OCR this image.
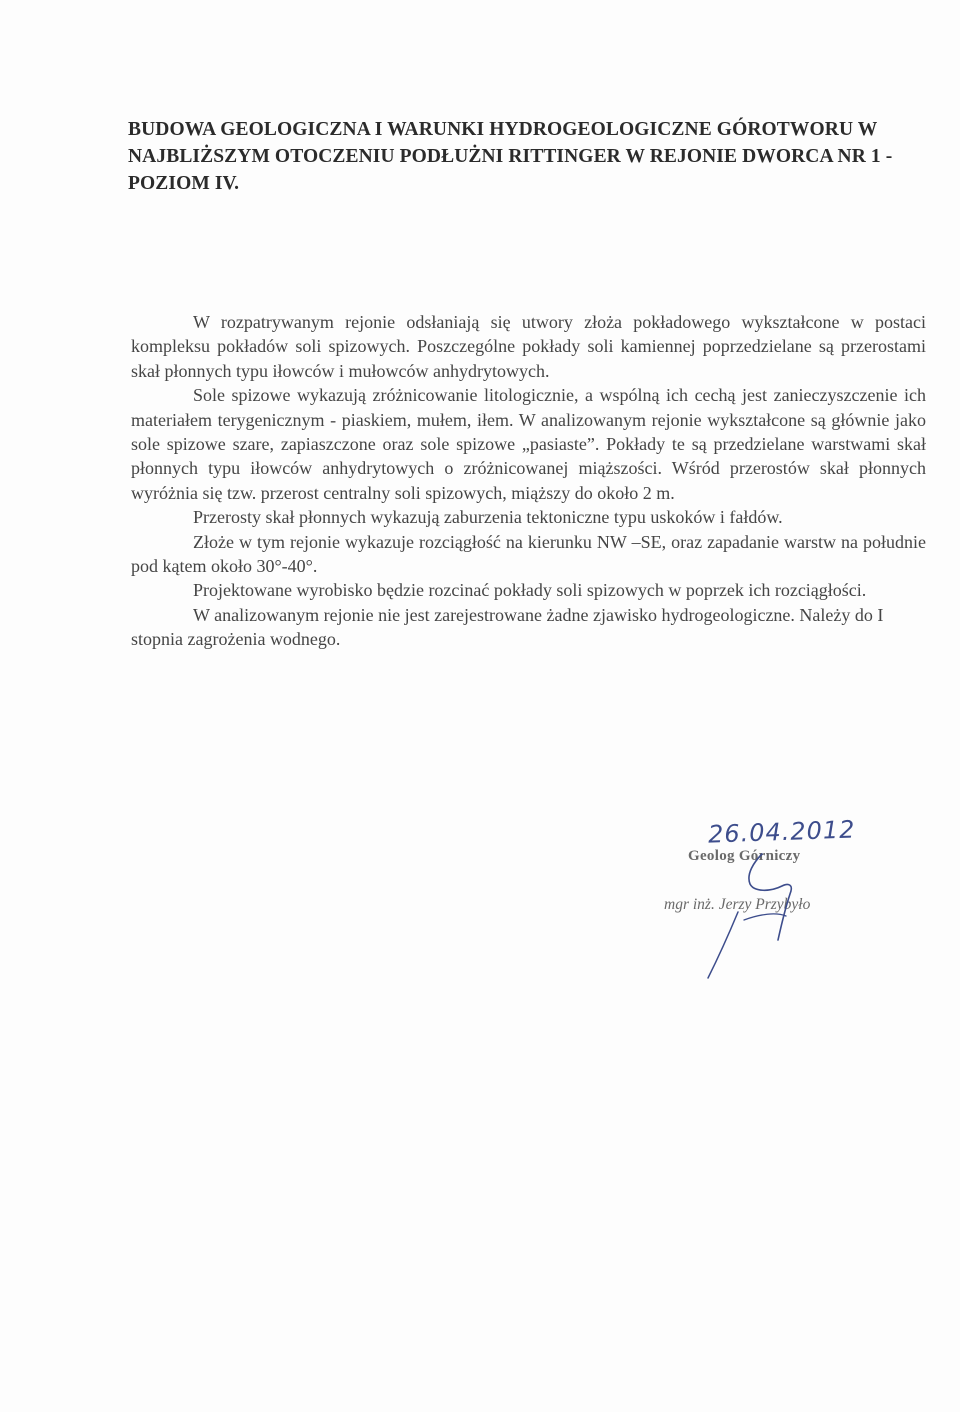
BUDOWA GEOLOGICZNA I WARUNKI HYDROGEOLOGICZNE GÓROTWORU W NAJBLIŻSZYM OTOCZENIU PODŁUŻNI RITTINGER W REJONIE DWORCA NR 1 - POZIOM IV.

W rozpatrywanym rejonie odsłaniają się utwory złoża pokładowego wykształcone w postaci kompleksu pokładów soli spizowych. Poszczególne pokłady soli kamiennej poprzedzielane są przerostami skał płonnych typu iłowców i mułowców anhydrytowych.

Sole spizowe wykazują zróżnicowanie litologicznie, a wspólną ich cechą jest zanieczyszczenie ich materiałem terygenicznym - piaskiem, mułem, iłem. W analizowanym rejonie wykształcone są głównie jako sole spizowe szare, zapiaszczone oraz sole spizowe „pasiaste”. Pokłady te są przedzielane warstwami skał płonnych typu iłowców anhydrytowych o zróżnicowanej miąższości. Wśród przerostów skał płonnych wyróżnia się tzw. przerost centralny soli spizowych, miąższy do około 2 m.

Przerosty skał płonnych wykazują zaburzenia tektoniczne typu uskoków i fałdów.

Złoże w tym rejonie wykazuje rozciągłość na kierunku NW –SE, oraz zapadanie warstw na południe pod kątem około 30°-40°.

Projektowane wyrobisko będzie rozcinać pokłady soli spizowych w poprzek ich rozciągłości.

W analizowanym rejonie nie jest zarejestrowane żadne zjawisko hydrogeologiczne. Należy do I stopnia zagrożenia wodnego.

26.04.2012
Geolog Górniczy
mgr inż. Jerzy Przybyło
